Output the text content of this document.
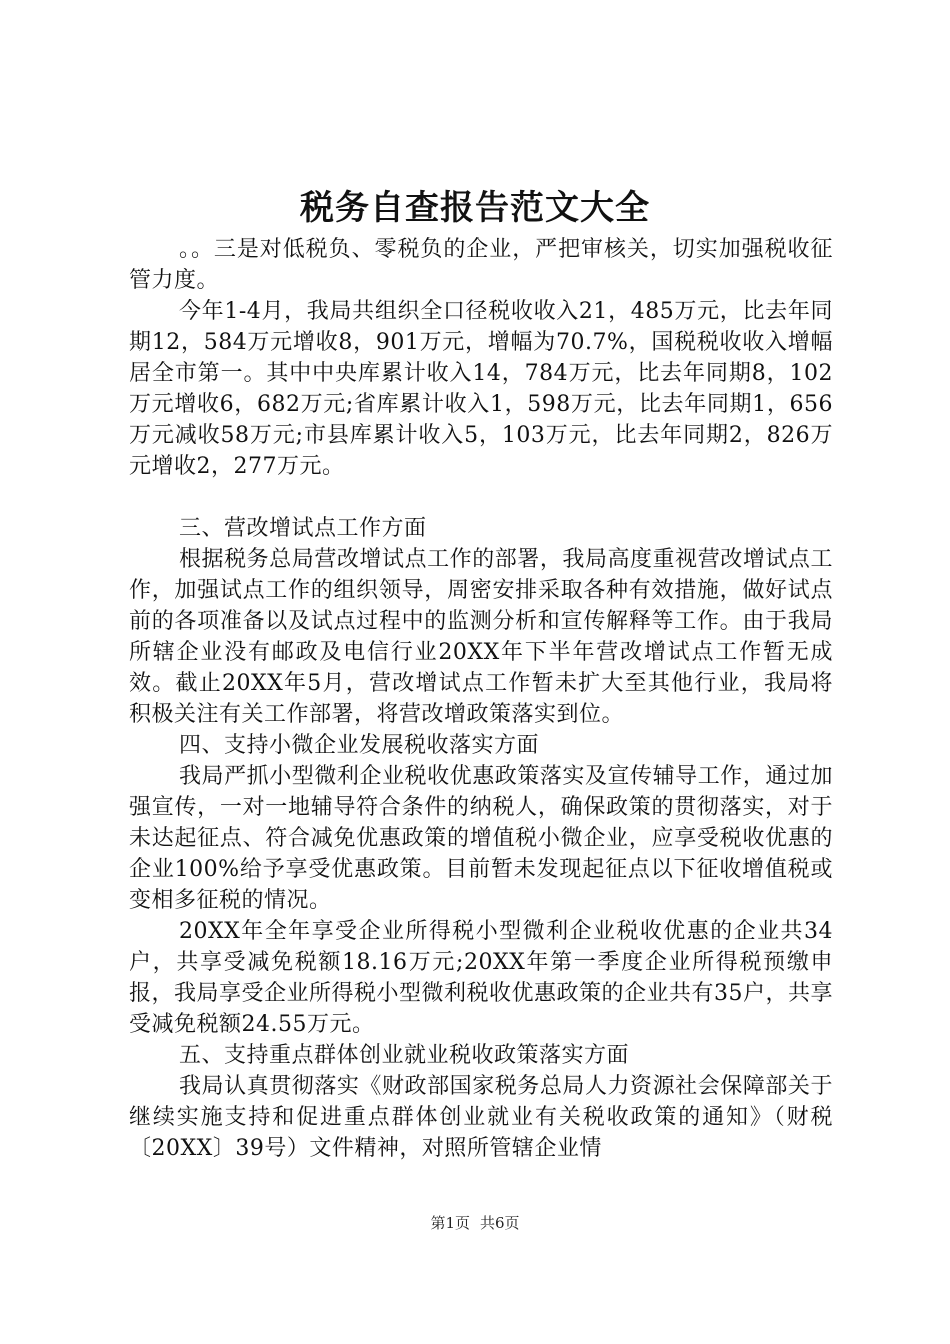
税务自查报告范文大全

。。三是对低税负、零税负的企业，严把审核关，切实加强税收征管力度。

今年1-4月，我局共组织全口径税收收入21，485万元，比去年同期12，584万元增收8，901万元，增幅为70.7%，国税税收收入增幅居全市第一。其中中央库累计收入14，784万元，比去年同期8，102万元增收6，682万元;省库累计收入1，598万元，比去年同期1，656万元减收58万元;市县库累计收入5，103万元，比去年同期2，826万元增收2，277万元。

三、营改增试点工作方面

根据税务总局营改增试点工作的部署，我局高度重视营改增试点工作，加强试点工作的组织领导，周密安排采取各种有效措施，做好试点前的各项准备以及试点过程中的监测分析和宣传解释等工作。由于我局所辖企业没有邮政及电信行业20XX年下半年营改增试点工作暂无成效。截止20XX年5月，营改增试点工作暂未扩大至其他行业，我局将积极关注有关工作部署，将营改增政策落实到位。

四、支持小微企业发展税收落实方面

我局严抓小型微利企业税收优惠政策落实及宣传辅导工作，通过加强宣传，一对一地辅导符合条件的纳税人，确保政策的贯彻落实，对于未达起征点、符合减免优惠政策的增值税小微企业，应享受税收优惠的企业100%给予享受优惠政策。目前暂未发现起征点以下征收增值税或变相多征税的情况。

20XX年全年享受企业所得税小型微利企业税收优惠的企业共34户，共享受减免税额18.16万元;20XX年第一季度企业所得税预缴申报，我局享受企业所得税小型微利税收优惠政策的企业共有35户，共享受减免税额24.55万元。

五、支持重点群体创业就业税收政策落实方面

我局认真贯彻落实《财政部国家税务总局人力资源社会保障部关于继续实施支持和促进重点群体创业就业有关税收政策的通知》（财税〔20XX〕39号）文件精神，对照所管辖企业情

第1页 共6页
